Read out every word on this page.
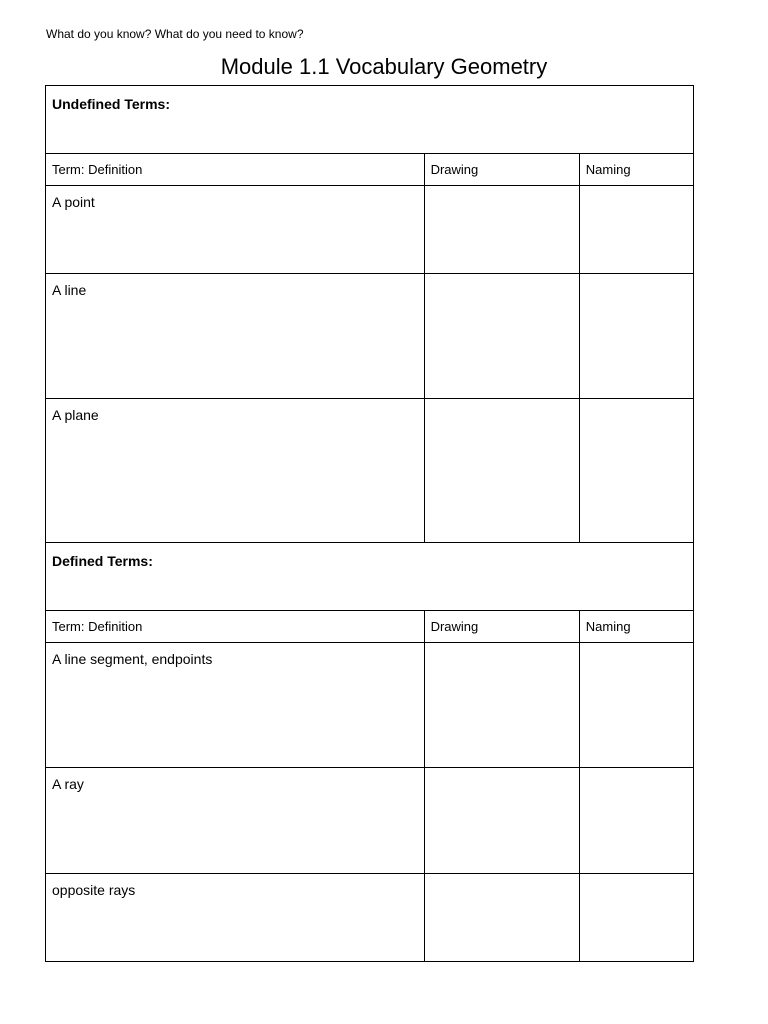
What do you know? What do you need to know?
Module 1.1 Vocabulary Geometry
Undefined Terms:		

Term: Definition	Drawing	Naming

A point		

A line		

A plane		

Defined Terms:		

Term: Definition	Drawing	Naming

A line segment, endpoints		

A ray		

opposite rays		
